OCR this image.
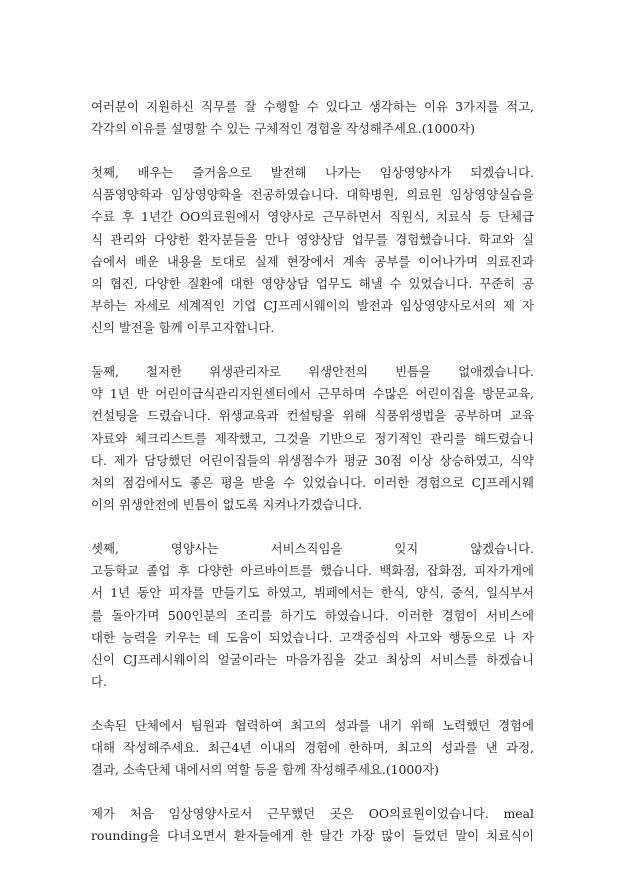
여러분이 지원하신 직무를 잘 수행할 수 있다고 생각하는 이유 3가지를 적고,
각각의 이유를 설명할 수 있는 구체적인 경험을 작성해주세요.(1000자)
첫째, 배우는 즐거움으로 발전해 나가는 임상영양사가 되겠습니다.
식품영양학과 임상영양학을 전공하였습니다. 대학병원, 의료원 임상영양실습을
수료 후 1년간 OO의료원에서 영양사로 근무하면서 직원식, 치료식 등 단체급
식 관리와 다양한 환자분들을 만나 영양상담 업무를 경험했습니다. 학교와 실
습에서 배운 내용을 토대로 실제 현장에서 계속 공부를 이어나가며 의료진과
의 협진, 다양한 질환에 대한 영양상담 업무도 해낼 수 있었습니다. 꾸준히 공
부하는 자세로 세계적인 기업 CJ프레시웨이의 발전과 임상영양사로서의 제 자
신의 발전을 함께 이루고자합니다.
둘째, 철저한 위생관리자로 위생안전의 빈틈을 없애겠습니다.
약 1년 반 어린이급식관리지원센터에서 근무하며 수많은 어린이집을 방문교육,
컨설팅을 드렸습니다. 위생교육과 컨설팅을 위해 식품위생법을 공부하며 교육
자료와 체크리스트를 제작했고, 그것을 기반으로 정기적인 관리를 해드렸습니
다. 제가 담당했던 어린이집들의 위생점수가 평균 30점 이상 상승하였고, 식약
처의 점검에서도 좋은 평을 받을 수 있었습니다. 이러한 경험으로 CJ프레시웨
이의 위생안전에 빈틈이 없도록 지켜나가겠습니다.
셋째, 영양사는 서비스직임을 잊지 않겠습니다.
고등학교 졸업 후 다양한 아르바이트를 했습니다. 백화점, 잡화점, 피자가게에
서 1년 동안 피자를 만들기도 하였고, 뷔페에서는 한식, 양식, 중식, 일식부서
를 돌아가며 500인분의 조리를 하기도 하였습니다. 이러한 경험이 서비스에
대한 능력을 키우는 데 도움이 되었습니다. 고객중심의 사고와 행동으로 나 자
신이 CJ프레시웨이의 얼굴이라는 마음가짐을 갖고 최상의 서비스를 하겠습니
다.
소속된 단체에서 팀원과 협력하여 최고의 성과를 내기 위해 노력했던 경험에
대해 작성해주세요. 최근4년 이내의 경험에 한하며, 최고의 성과를 낸 과정,
결과, 소속단체 내에서의 역할 등을 함께 작성해주세요.(1000자)
제가 처음 임상영양사로서 근무했던 곳은 OO의료원이었습니다. meal
rounding을 다녀오면서 환자들에게 한 달간 가장 많이 들었던 말이 치료식이
